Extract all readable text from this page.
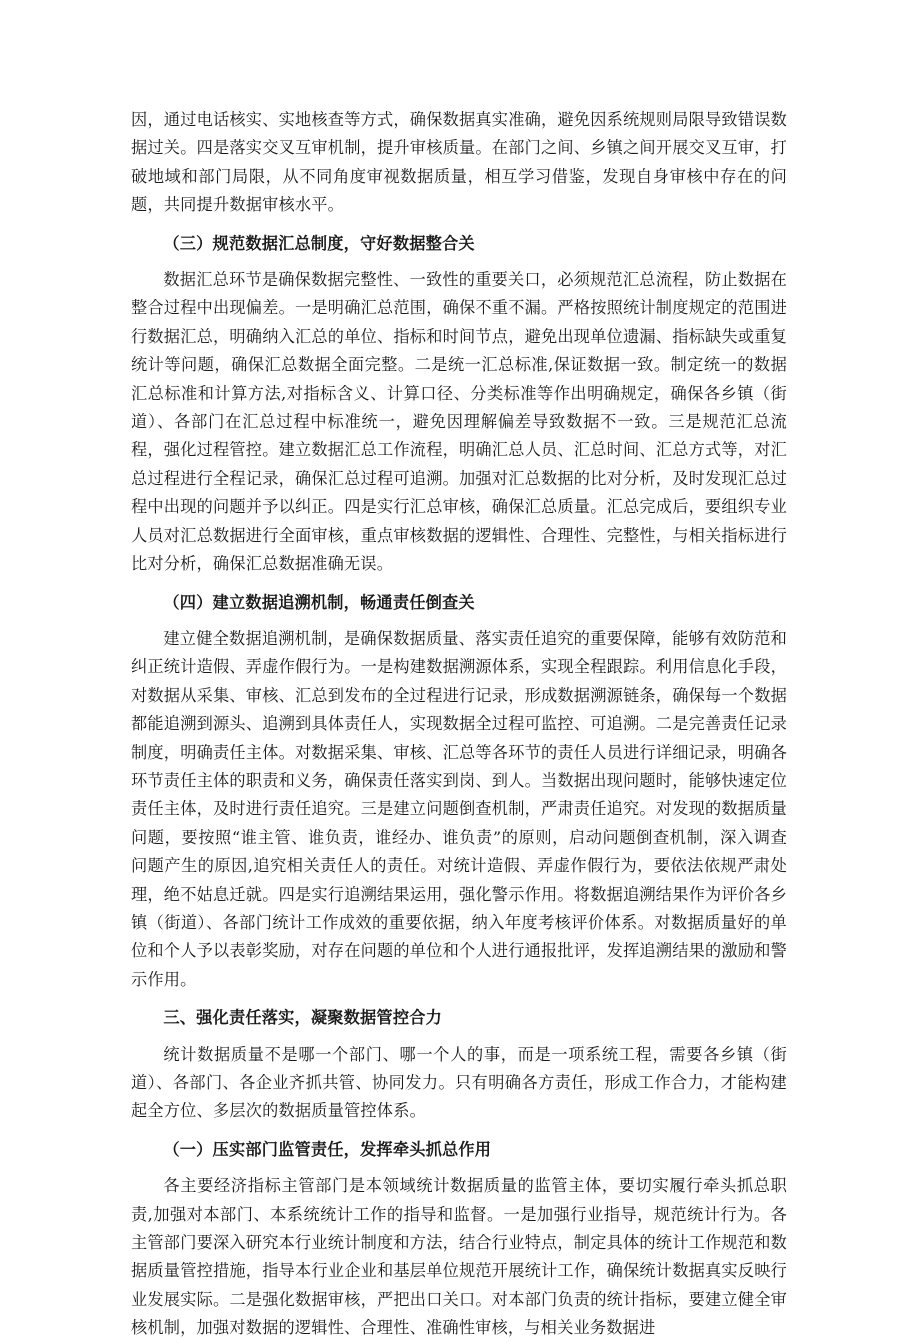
因，通过电话核实、实地核查等方式，确保数据真实准确，避免因系统规则局限导致错误数据过关。四是落实交叉互审机制，提升审核质量。在部门之间、乡镇之间开展交叉互审，打破地域和部门局限，从不同角度审视数据质量，相互学习借鉴，发现自身审核中存在的问题，共同提升数据审核水平。

（三）规范数据汇总制度，守好数据整合关

数据汇总环节是确保数据完整性、一致性的重要关口，必须规范汇总流程，防止数据在整合过程中出现偏差。一是明确汇总范围，确保不重不漏。严格按照统计制度规定的范围进行数据汇总，明确纳入汇总的单位、指标和时间节点，避免出现单位遗漏、指标缺失或重复统计等问题，确保汇总数据全面完整。二是统一汇总标准,保证数据一致。制定统一的数据汇总标准和计算方法,对指标含义、计算口径、分类标准等作出明确规定，确保各乡镇（街道）、各部门在汇总过程中标准统一，避免因理解偏差导致数据不一致。三是规范汇总流程，强化过程管控。建立数据汇总工作流程，明确汇总人员、汇总时间、汇总方式等，对汇总过程进行全程记录，确保汇总过程可追溯。加强对汇总数据的比对分析，及时发现汇总过程中出现的问题并予以纠正。四是实行汇总审核，确保汇总质量。汇总完成后，要组织专业人员对汇总数据进行全面审核，重点审核数据的逻辑性、合理性、完整性，与相关指标进行比对分析，确保汇总数据准确无误。

（四）建立数据追溯机制，畅通责任倒查关

建立健全数据追溯机制，是确保数据质量、落实责任追究的重要保障，能够有效防范和纠正统计造假、弄虚作假行为。一是构建数据溯源体系，实现全程跟踪。利用信息化手段，对数据从采集、审核、汇总到发布的全过程进行记录，形成数据溯源链条，确保每一个数据都能追溯到源头、追溯到具体责任人，实现数据全过程可监控、可追溯。二是完善责任记录制度，明确责任主体。对数据采集、审核、汇总等各环节的责任人员进行详细记录，明确各环节责任主体的职责和义务，确保责任落实到岗、到人。当数据出现问题时，能够快速定位责任主体，及时进行责任追究。三是建立问题倒查机制，严肃责任追究。对发现的数据质量问题，要按照“谁主管、谁负责，谁经办、谁负责”的原则，启动问题倒查机制，深入调查问题产生的原因,追究相关责任人的责任。对统计造假、弄虚作假行为，要依法依规严肃处理，绝不姑息迁就。四是实行追溯结果运用，强化警示作用。将数据追溯结果作为评价各乡镇（街道）、各部门统计工作成效的重要依据，纳入年度考核评价体系。对数据质量好的单位和个人予以表彰奖励，对存在问题的单位和个人进行通报批评，发挥追溯结果的激励和警示作用。

三、强化责任落实，凝聚数据管控合力

统计数据质量不是哪一个部门、哪一个人的事，而是一项系统工程，需要各乡镇（街道）、各部门、各企业齐抓共管、协同发力。只有明确各方责任，形成工作合力，才能构建起全方位、多层次的数据质量管控体系。

（一）压实部门监管责任，发挥牵头抓总作用

各主要经济指标主管部门是本领域统计数据质量的监管主体，要切实履行牵头抓总职责,加强对本部门、本系统统计工作的指导和监督。一是加强行业指导，规范统计行为。各主管部门要深入研究本行业统计制度和方法，结合行业特点，制定具体的统计工作规范和数据质量管控措施，指导本行业企业和基层单位规范开展统计工作，确保统计数据真实反映行业发展实际。二是强化数据审核，严把出口关口。对本部门负责的统计指标，要建立健全审核机制，加强对数据的逻辑性、合理性、准确性审核，与相关业务数据进
